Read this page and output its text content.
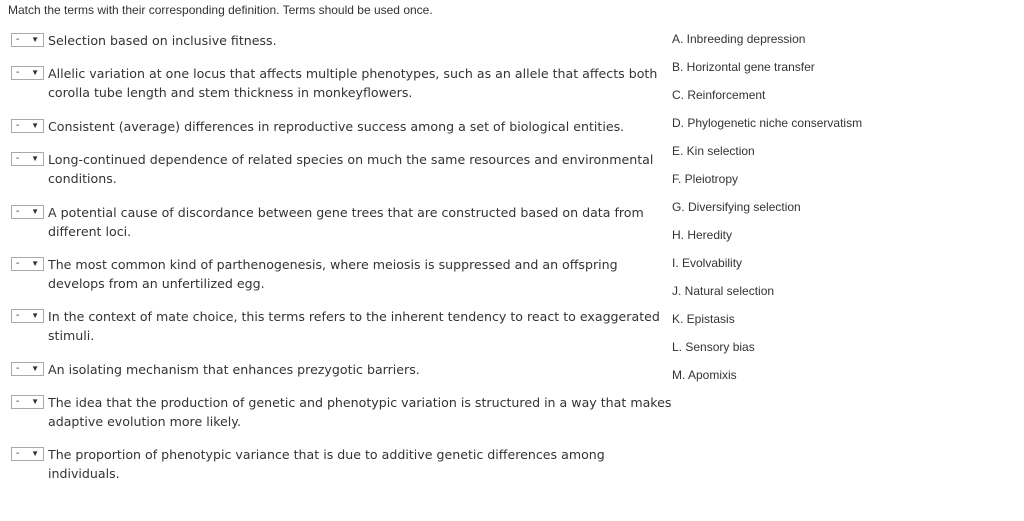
Match the terms with their corresponding definition. Terms should be used once.
- ▼ Selection based on inclusive fitness.
- ▼ Allelic variation at one locus that affects multiple phenotypes, such as an allele that affects both corolla tube length and stem thickness in monkeyflowers.
- ▼ Consistent (average) differences in reproductive success among a set of biological entities.
- ▼ Long-continued dependence of related species on much the same resources and environmental conditions.
- ▼ A potential cause of discordance between gene trees that are constructed based on data from different loci.
- ▼ The most common kind of parthenogenesis, where meiosis is suppressed and an offspring develops from an unfertilized egg.
- ▼ In the context of mate choice, this terms refers to the inherent tendency to react to exaggerated stimuli.
- ▼ An isolating mechanism that enhances prezygotic barriers.
- ▼ The idea that the production of genetic and phenotypic variation is structured in a way that makes adaptive evolution more likely.
- ▼ The proportion of phenotypic variance that is due to additive genetic differences among individuals.
A. Inbreeding depression
B. Horizontal gene transfer
C. Reinforcement
D. Phylogenetic niche conservatism
E. Kin selection
F. Pleiotropy
G. Diversifying selection
H. Heredity
I. Evolvability
J. Natural selection
K. Epistasis
L. Sensory bias
M. Apomixis
